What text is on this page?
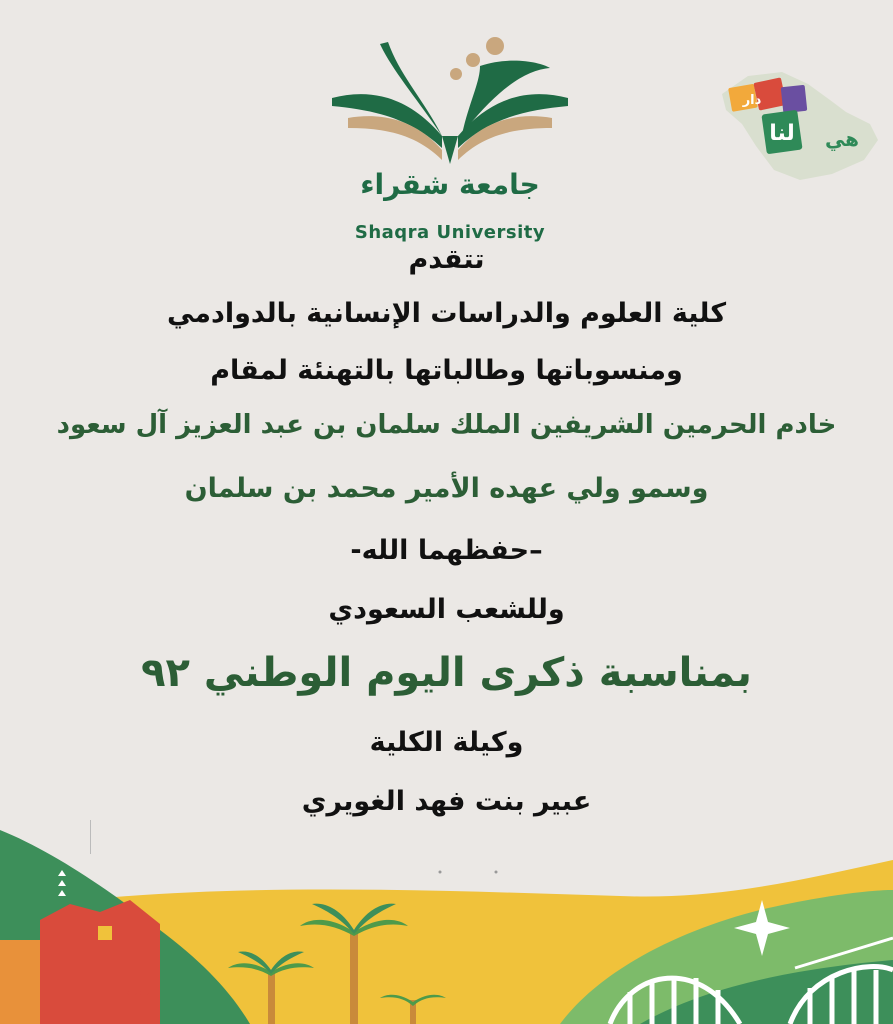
جامعة شقراء
Shaqra University
لنا
دار
هي
تتقدم
كلية العلوم والدراسات الإنسانية بالدوادمي
ومنسوباتها وطالباتها بالتهنئة لمقام
خادم الحرمين الشريفين الملك سلمان بن عبد العزيز آل سعود
وسمو ولي عهده الأمير محمد بن سلمان
–حفظهما الله-
وللشعب السعودي
بمناسبة ذكرى اليوم الوطني ٩٢
وكيلة الكلية
عبير بنت فهد الغويري
